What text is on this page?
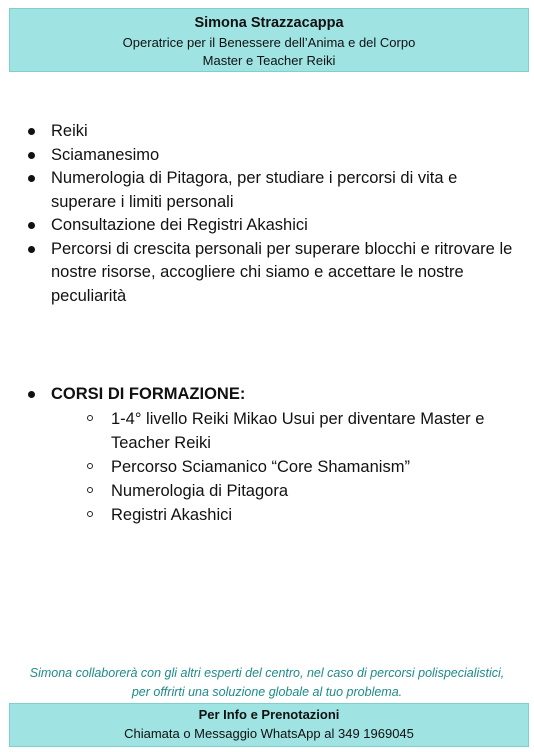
Simona Strazzacappa
Operatrice per il Benessere dell’Anima e del Corpo
Master e Teacher Reiki
Reiki
Sciamanesimo
Numerologia di Pitagora, per studiare i percorsi di vita e superare i limiti personali
Consultazione dei Registri Akashici
Percorsi di crescita personali per superare blocchi e ritrovare le nostre risorse, accogliere chi siamo e accettare le nostre peculiarità
CORSI DI FORMAZIONE:
1-4° livello Reiki Mikao Usui per diventare Master e Teacher Reiki
Percorso Sciamanico “Core Shamanism”
Numerologia di Pitagora
Registri Akashici
Simona collaborerà con gli altri esperti del centro, nel caso di percorsi polispecialistici, per offrirti una soluzione globale al tuo problema.
Per Info e Prenotazioni
Chiamata o Messaggio WhatsApp al 349 1969045
